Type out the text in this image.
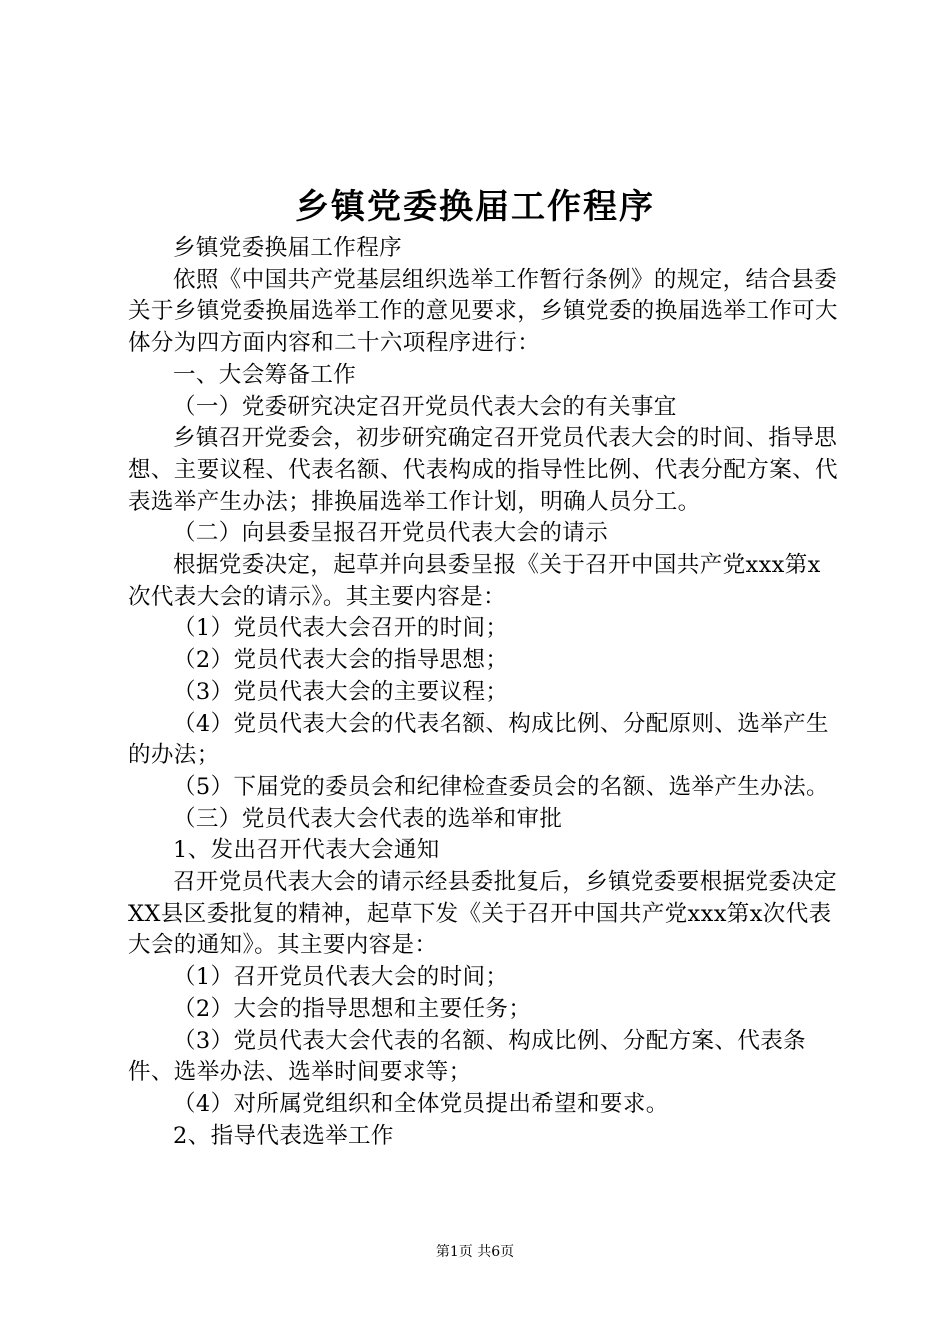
乡镇党委换届工作程序

乡镇党委换届工作程序

依照《中国共产党基层组织选举工作暂行条例》的规定，结合县委关于乡镇党委换届选举工作的意见要求，乡镇党委的换届选举工作可大体分为四方面内容和二十六项程序进行：

一、大会筹备工作

（一）党委研究决定召开党员代表大会的有关事宜

乡镇召开党委会，初步研究确定召开党员代表大会的时间、指导思想、主要议程、代表名额、代表构成的指导性比例、代表分配方案、代表选举产生办法；排换届选举工作计划，明确人员分工。

（二）向县委呈报召开党员代表大会的请示

根据党委决定，起草并向县委呈报《关于召开中国共产党xxx第x次代表大会的请示》。其主要内容是：

（1）党员代表大会召开的时间；

（2）党员代表大会的指导思想；

（3）党员代表大会的主要议程；

（4）党员代表大会的代表名额、构成比例、分配原则、选举产生的办法；

（5）下届党的委员会和纪律检查委员会的名额、选举产生办法。

（三）党员代表大会代表的选举和审批

1、发出召开代表大会通知

召开党员代表大会的请示经县委批复后，乡镇党委要根据党委决定XX县区委批复的精神，起草下发《关于召开中国共产党xxx第x次代表大会的通知》。其主要内容是：

（1）召开党员代表大会的时间；

（2）大会的指导思想和主要任务；

（3）党员代表大会代表的名额、构成比例、分配方案、代表条件、选举办法、选举时间要求等；

（4）对所属党组织和全体党员提出希望和要求。

2、指导代表选举工作

第1页 共6页
